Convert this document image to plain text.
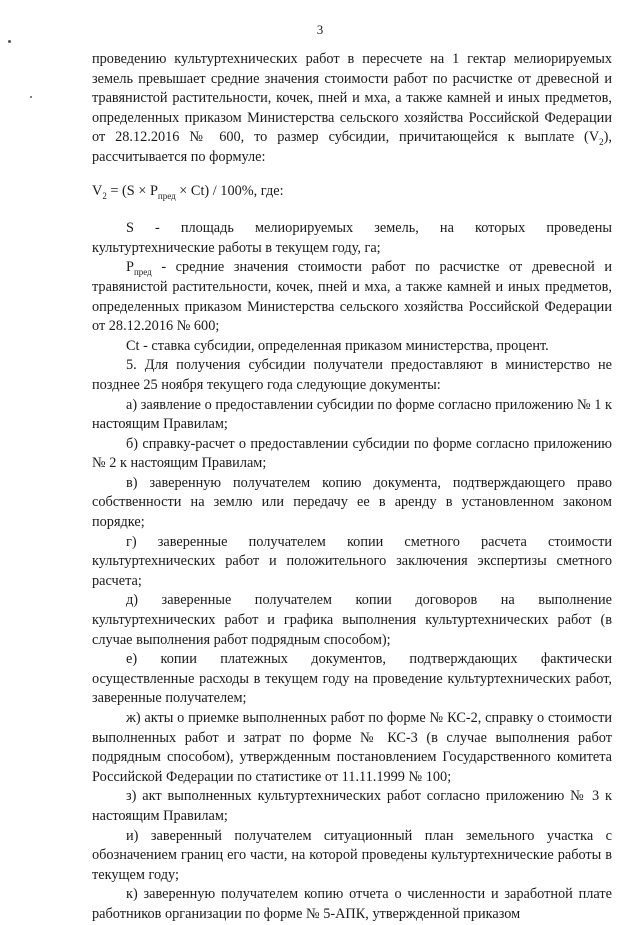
3

проведению культуртехнических работ в пересчете на 1 гектар мелиорируемых земель превышает средние значения стоимости работ по расчистке от древесной и травянистой растительности, кочек, пней и мха, а также камней и иных предметов, определенных приказом Министерства сельского хозяйства Российской Федерации от 28.12.2016 № 600, то размер субсидии, причитающейся к выплате $(V_2)$, рассчитывается по формуле:

$V_2 = (S \times P_{пред} \times Ct) / 100\%$, где:

S - площадь мелиорируемых земель, на которых проведены культуртехнические работы в текущем году, га;

$P_{пред}$ - средние значения стоимости работ по расчистке от древесной и травянистой растительности, кочек, пней и мха, а также камней и иных предметов, определенных приказом Министерства сельского хозяйства Российской Федерации от 28.12.2016 № 600;

Ct - ставка субсидии, определенная приказом министерства, процент.

5. Для получения субсидии получатели предоставляют в министерство не позднее 25 ноября текущего года следующие документы:

а) заявление о предоставлении субсидии по форме согласно приложению № 1 к настоящим Правилам;

б) справку-расчет о предоставлении субсидии по форме согласно приложению № 2 к настоящим Правилам;

в) заверенную получателем копию документа, подтверждающего право собственности на землю или передачу ее в аренду в установленном законом порядке;

г) заверенные получателем копии сметного расчета стоимости культуртехнических работ и положительного заключения экспертизы сметного расчета;

д) заверенные получателем копии договоров на выполнение культуртехнических работ и графика выполнения культуртехнических работ (в случае выполнения работ подрядным способом);

е) копии платежных документов, подтверждающих фактически осуществленные расходы в текущем году на проведение культуртехнических работ, заверенные получателем;

ж) акты о приемке выполненных работ по форме № КС-2, справку о стоимости выполненных работ и затрат по форме № КС-3 (в случае выполнения работ подрядным способом), утвержденным постановлением Государственного комитета Российской Федерации по статистике от 11.11.1999 № 100;

з) акт выполненных культуртехнических работ согласно приложению № 3 к настоящим Правилам;

и) заверенный получателем ситуационный план земельного участка с обозначением границ его части, на которой проведены культуртехнические работы в текущем году;

к) заверенную получателем копию отчета о численности и заработной плате работников организации по форме № 5-АПК, утвержденной приказом
